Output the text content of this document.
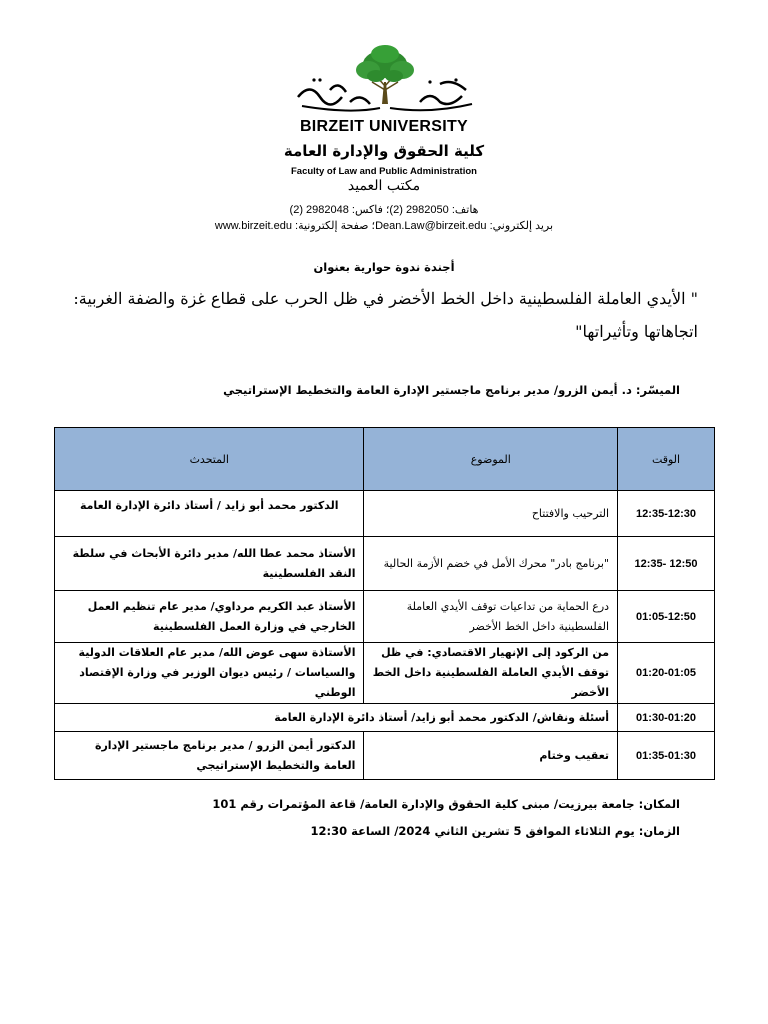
BIRZEIT UNIVERSITY
كلية الحقوق والإدارة العامة
Faculty of Law and Public Administration
مكتب العميد
هاتف: 2982050 (2)؛ فاكس: 2982048 (2)
بريد إلكتروني: Dean.Law@birzeit.edu؛ صفحة إلكترونية: www.birzeit.edu
أجندة ندوة حوارية بعنوان
" الأيدي العاملة الفلسطينية داخل الخط الأخضر في ظل الحرب على قطاع غزة والضفة الغربية: اتجاهاتها وتأثيراتها"
الميسّر: د. أيمن الزرو/ مدير برنامج ماجستير الإدارة العامة والتخطيط الإستراتيجي
الوقت	الموضوع	المتحدث
12:35-12:30	الترحيب والافتتاح	الدكتور محمد أبو زايد / أستاذ دائرة الإدارة العامة
12:50 -12:35	"برنامج بادر" محرك الأمل في خضم الأزمة الحالية	الأستاذ محمد عطا الله/ مدير دائرة الأبحاث في سلطة النقد الفلسطينية
01:05-12:50	درع الحماية من تداعيات توقف الأيدي العاملة الفلسطينية داخل الخط الأخضر	الأستاذ عبد الكريم مرداوي/ مدير عام تنظيم العمل الخارجي في وزارة العمل الفلسطينية
01:20-01:05	من الركود إلى الإنهيار الاقتصادي: في ظل توقف الأيدي العاملة الفلسطينية داخل الخط الأخضر	الأستاذة سهى عوض الله/ مدير عام العلاقات الدولية والسياسات / رئيس ديوان الوزير في وزارة الإقتصاد الوطني
01:30-01:20	أسئلة ونقاش/ الدكتور محمد أبو زايد/ أستاذ دائرة الإدارة العامة	
01:35-01:30	تعقيب وختام	الدكتور أيمن الزرو / مدير برنامج ماجستير الإدارة العامة والتخطيط الإستراتيجي
المكان: جامعة بيرزيت/ مبنى كلية الحقوق والإدارة العامة/ قاعة المؤتمرات رقم 101
الزمان: يوم الثلاثاء الموافق 5 تشرين الثاني 2024/ الساعة 12:30
